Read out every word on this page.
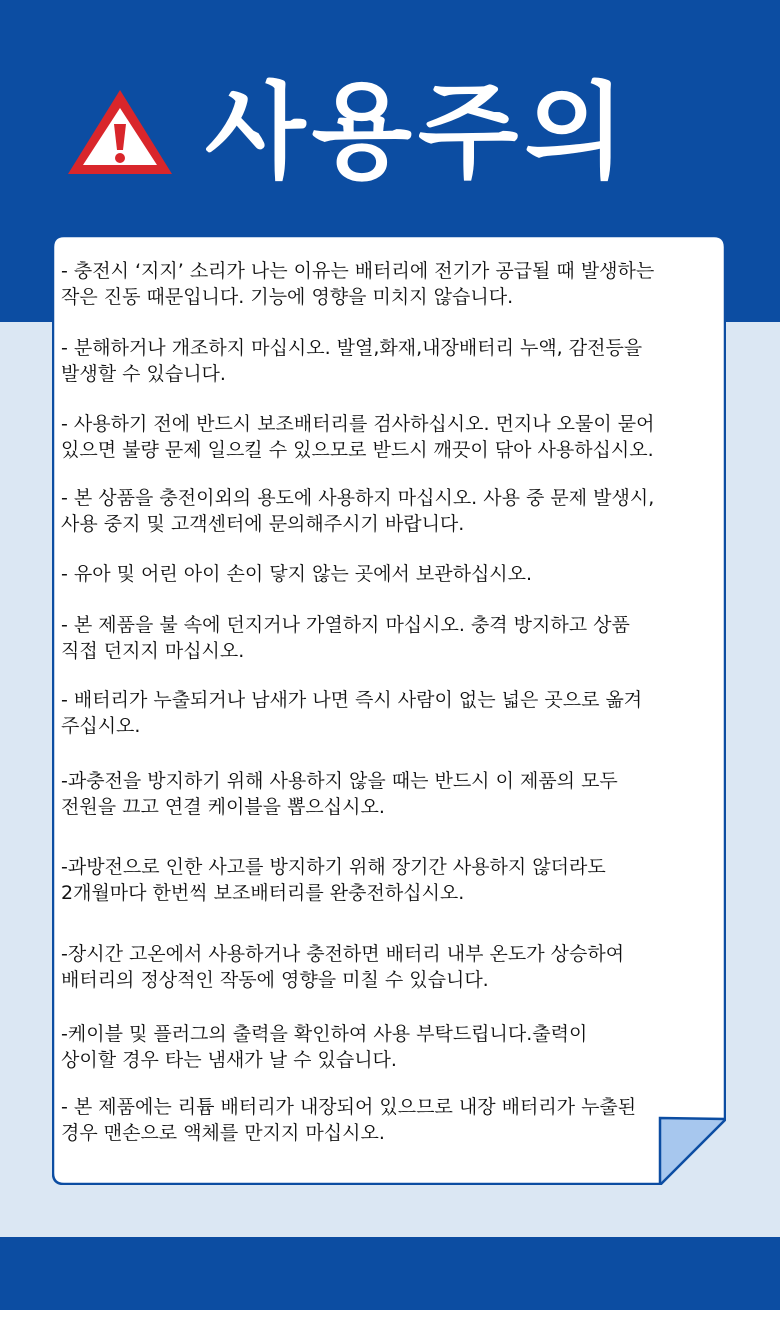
사용주의
- 충전시 ‘지지’ 소리가 나는 이유는 배터리에 전기가 공급될 때 발생하는
작은 진동 때문입니다. 기능에 영향을 미치지 않습니다.
- 분해하거나 개조하지 마십시오. 발열,화재,내장배터리 누액, 감전등을
발생할 수 있습니다.
- 사용하기 전에 반드시 보조배터리를 검사하십시오. 먼지나 오물이 묻어
있으면 불량 문제 일으킬 수 있으모로 받드시 깨끗이 닦아 사용하십시오.
- 본 상품을 충전이외의 용도에 사용하지 마십시오. 사용 중 문제 발생시,
사용 중지 및 고객센터에 문의해주시기 바랍니다.
- 유아 및 어린 아이 손이 닿지 않는 곳에서 보관하십시오.
- 본 제품을 불 속에 던지거나 가열하지 마십시오. 충격 방지하고 상품
직접 던지지 마십시오.
- 배터리가 누출되거나 남새가 나면 즉시 사람이 없는 넓은 곳으로 옮겨
주십시오.
-과충전을 방지하기 위해 사용하지 않을 때는 반드시 이 제품의 모두
전원을 끄고 연결 케이블을 뽑으십시오.
-과방전으로 인한 사고를 방지하기 위해 장기간 사용하지 않더라도
2개월마다 한번씩 보조배터리를 완충전하십시오.
-장시간 고온에서 사용하거나 충전하면 배터리 내부 온도가 상승하여
배터리의 정상적인 작동에 영향을 미칠 수 있습니다.
-케이블 및 플러그의 출력을 확인하여 사용 부탁드립니다.출력이
상이할 경우 타는 냄새가 날 수 있습니다.
- 본 제품에는 리튬 배터리가 내장되어 있으므로 내장 배터리가 누출된
경우 맨손으로 액체를 만지지 마십시오.
